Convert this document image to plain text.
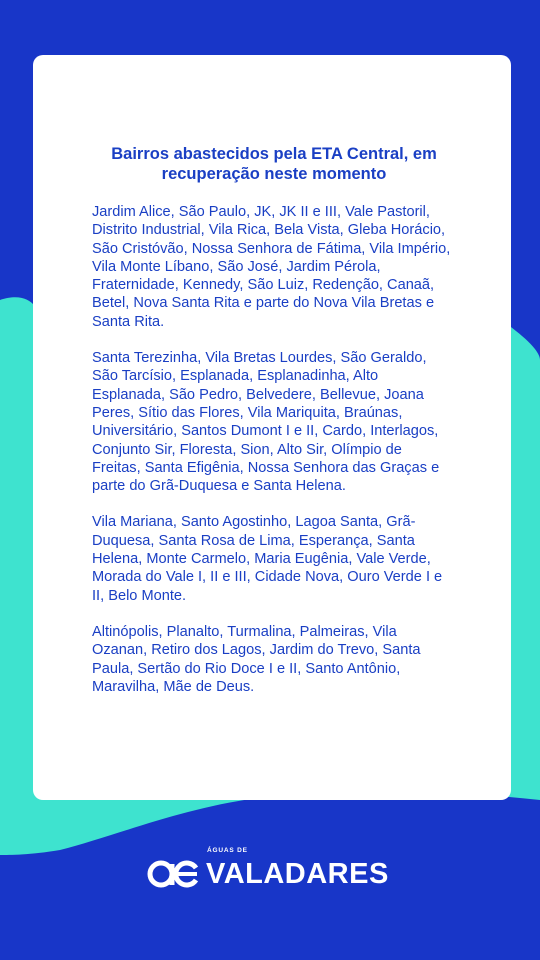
Bairros abastecidos pela ETA Central, em recuperação neste momento

Jardim Alice, São Paulo, JK, JK II e III, Vale Pastoril, Distrito Industrial, Vila Rica, Bela Vista, Gleba Horácio, São Cristóvão, Nossa Senhora de Fátima, Vila Império, Vila Monte Líbano, São José, Jardim Pérola, Fraternidade, Kennedy, São Luiz, Redenção, Canaã, Betel, Nova Santa Rita e parte do Nova Vila Bretas e Santa Rita.

Santa Terezinha, Vila Bretas Lourdes, São Geraldo, São Tarcísio, Esplanada, Esplanadinha, Alto Esplanada, São Pedro, Belvedere, Bellevue, Joana Peres, Sítio das Flores, Vila Mariquita, Braúnas, Universitário, Santos Dumont I e II, Cardo, Interlagos, Conjunto Sir, Floresta, Sion, Alto Sir, Olímpio de Freitas, Santa Efigênia, Nossa Senhora das Graças e parte do Grã-Duquesa e Santa Helena.

Vila Mariana, Santo Agostinho, Lagoa Santa, Grã-Duquesa, Santa Rosa de Lima, Esperança, Santa Helena, Monte Carmelo, Maria Eugênia, Vale Verde, Morada do Vale I, II e III, Cidade Nova, Ouro Verde I e II, Belo Monte.

Altinópolis, Planalto, Turmalina, Palmeiras, Vila Ozanan, Retiro dos Lagos, Jardim do Trevo, Santa Paula, Sertão do Rio Doce I e II, Santo Antônio, Maravilha, Mãe de Deus.

ÁGUAS DE
VALADARES
